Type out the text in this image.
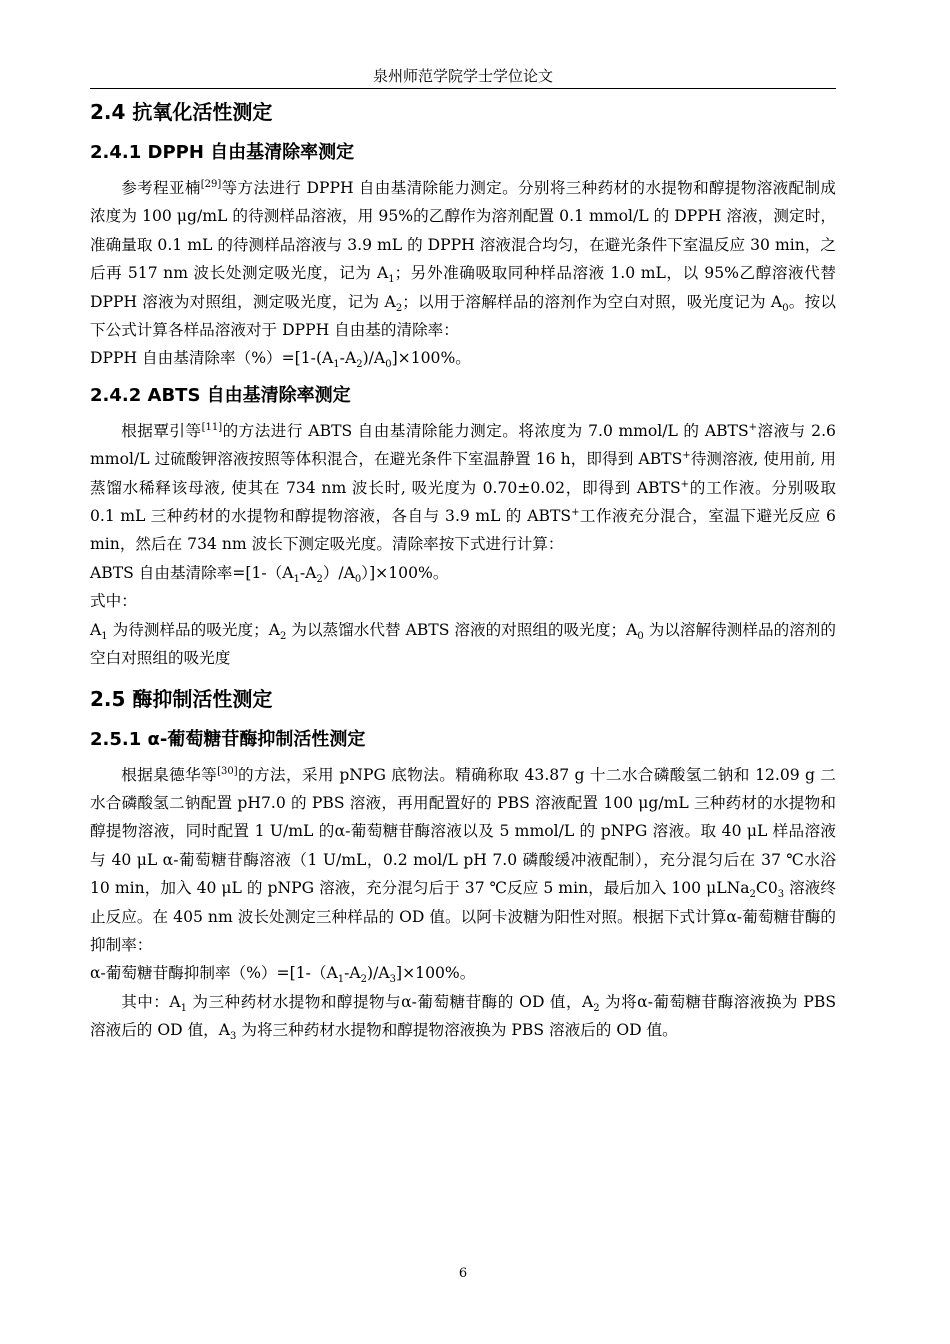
泉州师范学院学士学位论文
2.4 抗氧化活性测定
2.4.1 DPPH 自由基清除率测定

参考程亚楠[29]等方法进行 DPPH 自由基清除能力测定。分别将三种药材的水提物和醇提物溶液配制成浓度为 100 μg/mL 的待测样品溶液，用 95%的乙醇作为溶剂配置 0.1 mmol/L 的 DPPH 溶液，测定时，准确量取 0.1 mL 的待测样品溶液与 3.9 mL 的 DPPH 溶液混合均匀，在避光条件下室温反应 30 min，之后再 517 nm 波长处测定吸光度，记为 $A_1$；另外准确吸取同种样品溶液 1.0 mL，以 95%乙醇溶液代替 DPPH 溶液为对照组，测定吸光度，记为 $A_2$；以用于溶解样品的溶剂作为空白对照，吸光度记为 $A_0$。按以下公式计算各样品溶液对于 DPPH 自由基的清除率：

DPPH 自由基清除率$(\%)=[1-(A_1-A_2)/A_0]\times 100\%$。

2.4.2 ABTS 自由基清除率测定

根据覃引等[11]的方法进行 ABTS 自由基清除能力测定。将浓度为 7.0 mmol/L 的 ABTS+溶液与 2.6 mmol/L 过硫酸钾溶液按照等体积混合，在避光条件下室温静置 16 h，即得到 ABTS+待测溶液, 使用前, 用蒸馏水稀释该母液, 使其在 734 nm 波长时, 吸光度为 0.70±0.02，即得到 ABTS+的工作液。分别吸取 0.1 mL 三种药材的水提物和醇提物溶液，各自与 3.9 mL 的 ABTS+工作液充分混合，室温下避光反应 6 min，然后在 734 nm 波长下测定吸光度。清除率按下式进行计算：

ABTS 自由基清除率$=[1-(A_1-A_2)/A_0)]\times 100\%$。

式中：

$A_1$ 为待测样品的吸光度；$A_2$ 为以蒸馏水代替 ABTS 溶液的对照组的吸光度；$A_0$ 为以溶解待测样品的溶剂的空白对照组的吸光度

2.5 酶抑制活性测定
2.5.1 α-葡萄糖苷酶抑制活性测定

根据臬德华等[30]的方法，采用 pNPG 底物法。精确称取 43.87 g 十二水合磷酸氢二钠和 12.09 g 二水合磷酸氢二钠配置 pH7.0 的 PBS 溶液，再用配置好的 PBS 溶液配置 100 μg/mL 三种药材的水提物和醇提物溶液，同时配置 1 U/mL 的α-葡萄糖苷酶溶液以及 5 mmol/L 的 pNPG 溶液。取 40 μL 样品溶液与 40 μL α-葡萄糖苷酶溶液（1 U/mL，0.2 mol/L pH 7.0 磷酸缓冲液配制），充分混匀后在 37 ℃水浴 10 min，加入 40 μL 的 pNPG 溶液，充分混匀后于 37 ℃反应 5 min，最后加入 100 $\mu LNa_2C0_3$ 溶液终止反应。在 405 nm 波长处测定三种样品的 OD 值。以阿卡波糖为阳性对照。根据下式计算α-葡萄糖苷酶的抑制率：

α-葡萄糖苷酶抑制率$(\%)=[1-(A_1-A_2)/A_3]\times 100\%$。

其中：$A_1$ 为三种药材水提物和醇提物与α-葡萄糖苷酶的 OD 值，$A_2$ 为将α-葡萄糖苷酶溶液换为 PBS 溶液后的 OD 值，$A_3$ 为将三种药材水提物和醇提物溶液换为 PBS 溶液后的 OD 值。

6
